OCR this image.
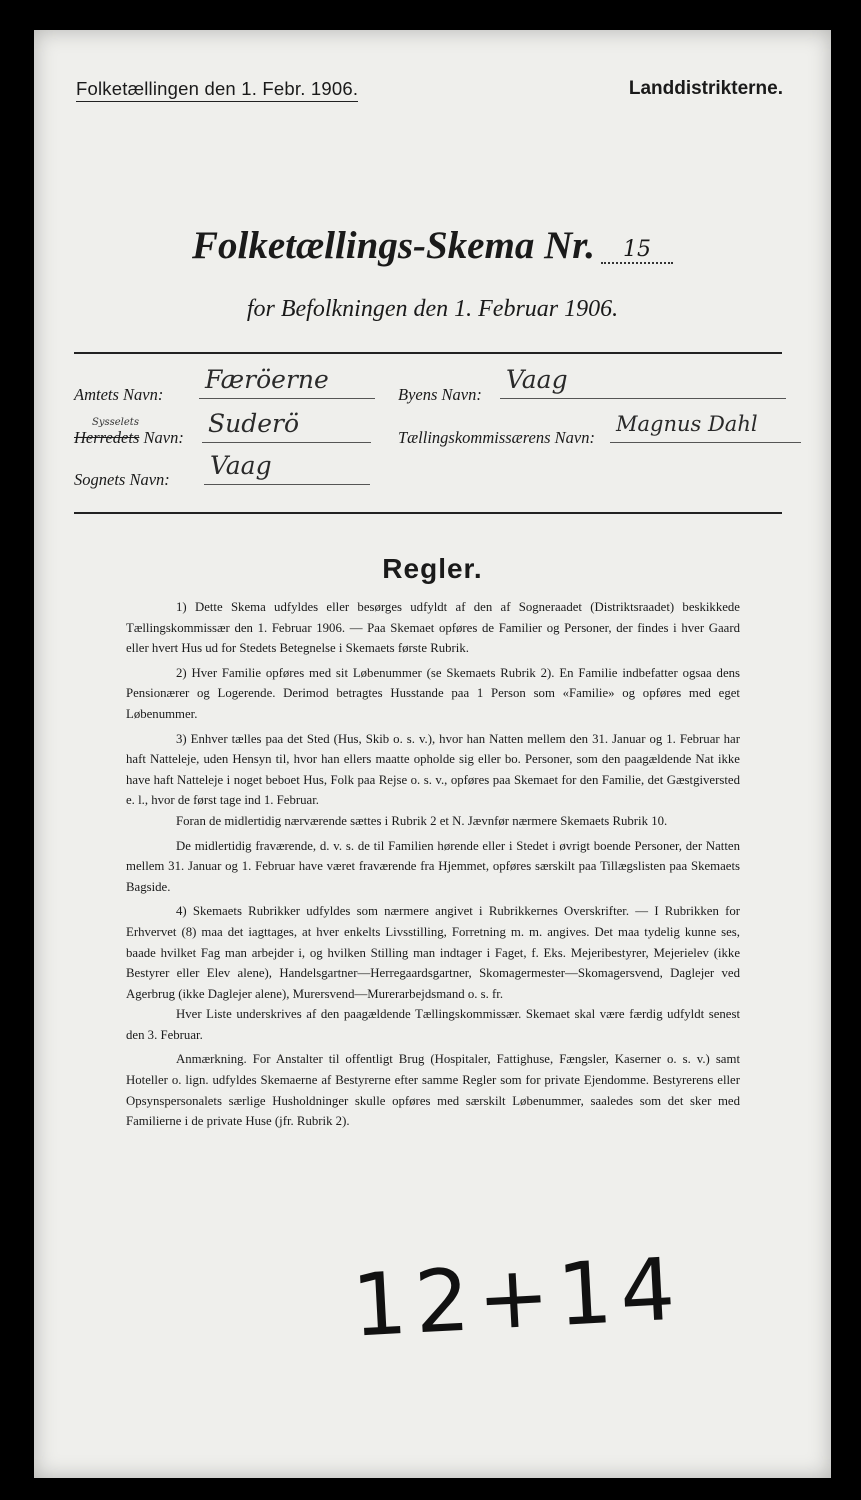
Folketællingen den 1. Febr. 1906.	Landdistrikterne.
Folketællings-Skema Nr. 15
for Befolkningen den 1. Februar 1906.
Amtets Navn:
Færöerne
Sysselets
Herredets Navn: Suderö
Sognets Navn: Vaag
Byens Navn:
Vaag
Tællingskommissærens Navn:
Magnus Dahl
Regler.

1) Dette Skema udfyldes eller besørges udfyldt af den af Sogneraadet (Distriktsraadet) beskikkede Tællingskommissær den 1. Februar 1906. — Paa Skemaet opføres de Familier og Personer, der findes i hver Gaard eller hvert Hus ud for Stedets Betegnelse i Skemaets første Rubrik.

2) Hver Familie opføres med sit Løbenummer (se Skemaets Rubrik 2). En Familie indbefatter ogsaa dens Pensionærer og Logerende. Derimod betragtes Husstande paa 1 Person som «Familie» og opføres med eget Løbenummer.

3) Enhver tælles paa det Sted (Hus, Skib o. s. v.), hvor han Natten mellem den 31. Januar og 1. Februar har haft Natteleje, uden Hensyn til, hvor han ellers maatte opholde sig eller bo. Personer, som den paagældende Nat ikke have haft Natteleje i noget beboet Hus, Folk paa Rejse o. s. v., opføres paa Skemaet for den Familie, det Gæstgiversted e. l., hvor de først tage ind 1. Februar.

Foran de midlertidig nærværende sættes i Rubrik 2 et N. Jævnfør nærmere Skemaets Rubrik 10.

De midlertidig fraværende, d. v. s. de til Familien hørende eller i Stedet i øvrigt boende Personer, der Natten mellem 31. Januar og 1. Februar have været fraværende fra Hjemmet, opføres særskilt paa Tillægslisten paa Skemaets Bagside.

4) Skemaets Rubrikker udfyldes som nærmere angivet i Rubrikkernes Overskrifter. — I Rubrikken for Erhvervet (8) maa det iagttages, at hver enkelts Livsstilling, Forretning m. m. angives. Det maa tydelig kunne ses, baade hvilket Fag man arbejder i, og hvilken Stilling man indtager i Faget, f. Eks. Mejeribestyrer, Mejerielev (ikke Bestyrer eller Elev alene), Handelsgartner—Herregaardsgartner, Skomagermester—Skomagersvend, Daglejer ved Agerbrug (ikke Daglejer alene), Murersvend—Murerarbejdsmand o. s. fr.

Hver Liste underskrives af den paagældende Tællingskommissær. Skemaet skal være færdig udfyldt senest den 3. Februar.

Anmærkning. For Anstalter til offentligt Brug (Hospitaler, Fattighuse, Fængsler, Kaserner o. s. v.) samt Hoteller o. lign. udfyldes Skemaerne af Bestyrerne efter samme Regler som for private Ejendomme. Bestyrerens eller Opsynspersonalets særlige Husholdninger skulle opføres med særskilt Løbenummer, saaledes som det sker med Familierne i de private Huse (jfr. Rubrik 2).

12+14
